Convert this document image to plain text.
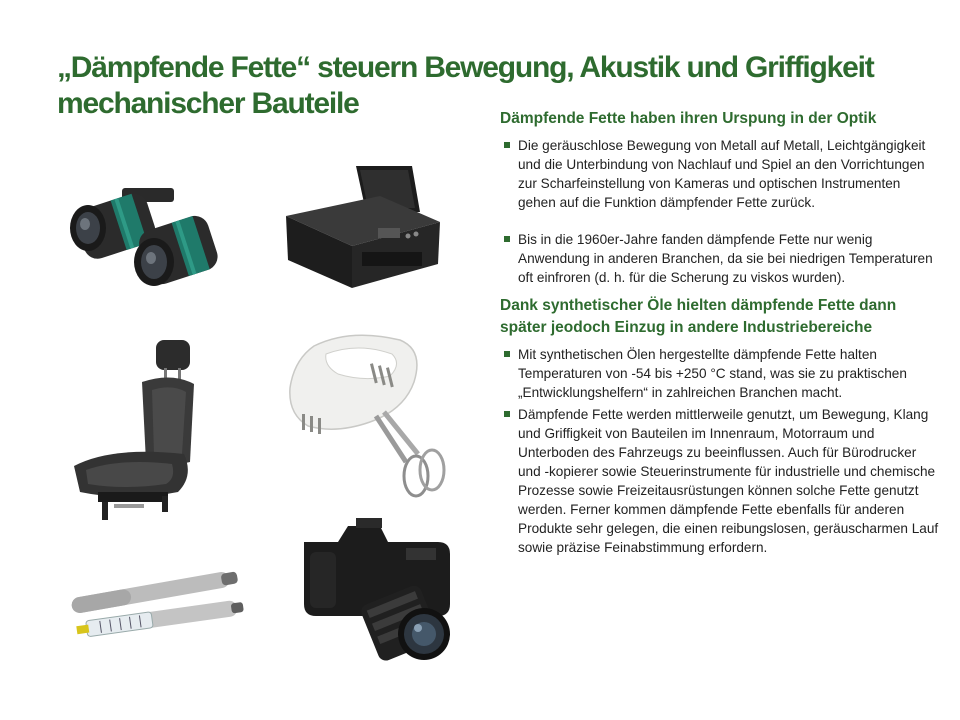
„Dämpfende Fette“ steuern Bewegung, Akustik und Griffigkeit mechanischer Bauteile	Dämpfende Fette haben ihren Urspung in der Optik
Die geräuschlose Bewegung von Metall auf Metall, Leichtgängigkeit und die Unterbindung von Nachlauf und Spiel an den Vorrichtungen zur Scharfeinstellung von Kameras und optischen Instrumenten gehen auf die Funktion dämpfender Fette zurück.
Bis in die 1960er-Jahre fanden dämpfende Fette nur wenig Anwendung in anderen Branchen, da sie bei niedrigen Temperaturen oft einfroren (d. h. für die Scherung zu viskos wurden).
Dank synthetischer Öle hielten dämpfende Fette dann später jeodoch Einzug in andere Industriebereiche
Mit synthetischen Ölen hergestellte dämpfende Fette halten Temperaturen von -54 bis +250 °C stand, was sie zu praktischen „Entwicklungshelfern“ in zahlreichen Branchen macht.
Dämpfende Fette werden mittlerweile genutzt, um Bewegung, Klang und Griffigkeit von Bauteilen im Innenraum, Motorraum und Unterboden des Fahrzeugs zu beeinflussen. Auch für Bürodrucker und -kopierer sowie Steuerinstrumente für industrielle und chemische Prozesse sowie Freizeitausrüstungen können solche Fette genutzt werden. Ferner kommen dämpfende Fette ebenfalls für anderen Produkte sehr gelegen, die einen reibungslosen, geräuscharmen Lauf sowie präzise Feinabstimmung erfordern.
